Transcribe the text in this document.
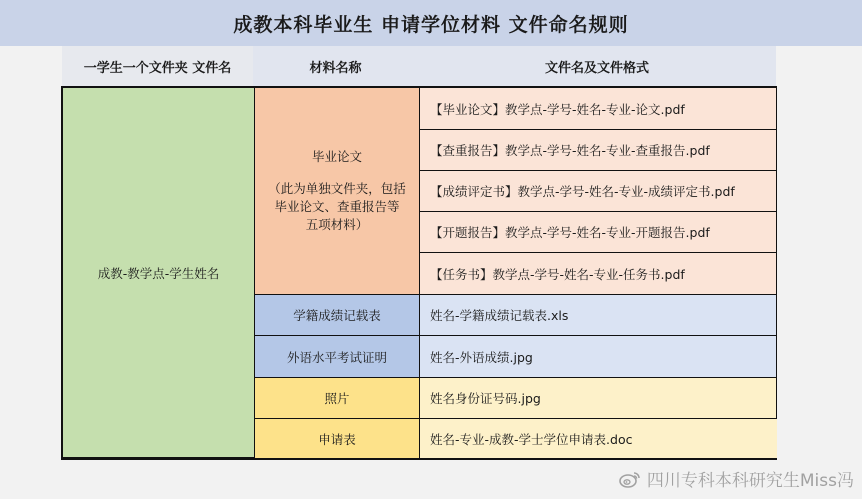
成教本科毕业生 申请学位材料 文件命名规则
一学生一个文件夹 文件名	材料名称	文件名及文件格式
成教-教学点-学生姓名
毕业论文
（此为单独文件夹，包括
毕业论文、查重报告等
五项材料）
【毕业论文】教学点-学号-姓名-专业-论文.pdf
【查重报告】教学点-学号-姓名-专业-查重报告.pdf
【成绩评定书】教学点-学号-姓名-专业-成绩评定书.pdf
【开题报告】教学点-学号-姓名-专业-开题报告.pdf
【任务书】教学点-学号-姓名-专业-任务书.pdf
学籍成绩记载表	姓名-学籍成绩记载表.xls
外语水平考试证明	姓名-外语成绩.jpg
照片	姓名身份证号码.jpg
申请表	姓名-专业-成教-学士学位申请表.doc
四川专科本科研究生Miss冯
